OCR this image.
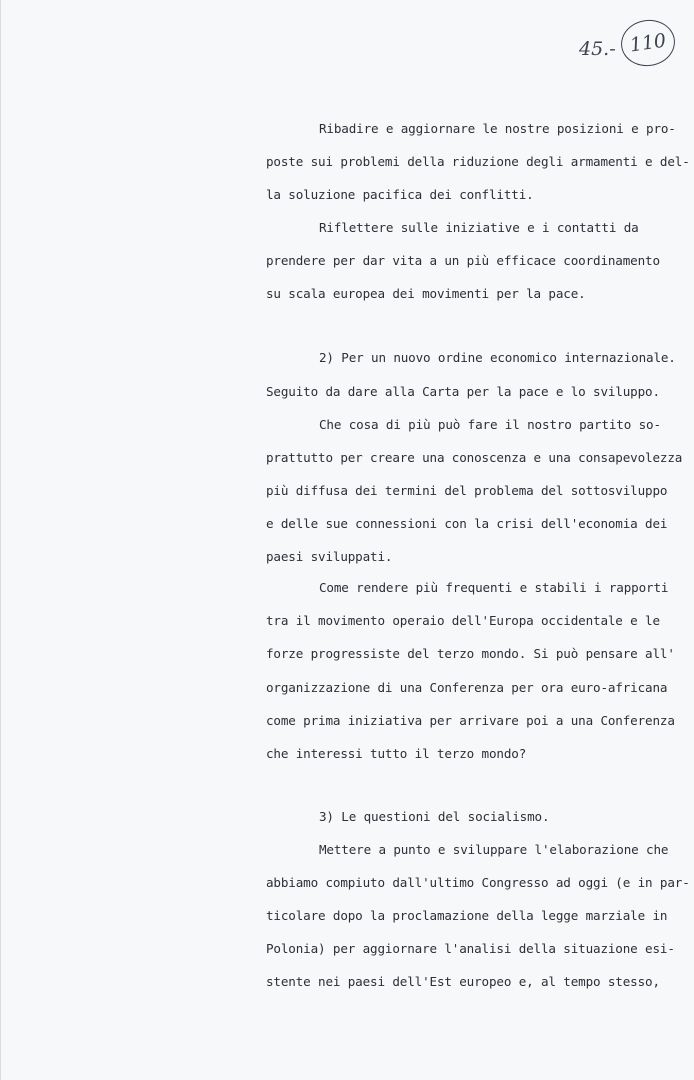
45.- 110
Ribadire e aggiornare le nostre posizioni e pro-
poste sui problemi della riduzione degli armamenti e del-
la soluzione pacifica dei conflitti.
Riflettere sulle iniziative e i contatti da
prendere per dar vita a un più efficace coordinamento
su scala europea dei movimenti per la pace.
2) Per un nuovo ordine economico internazionale.
Seguito da dare alla Carta per la pace e lo sviluppo.
Che cosa di più può fare il nostro partito so-
prattutto per creare una conoscenza e una consapevolezza
più diffusa dei termini del problema del sottosviluppo
e delle sue connessioni con la crisi dell'economia dei
paesi sviluppati.
Come rendere più frequenti e stabili i rapporti
tra il movimento operaio dell'Europa occidentale e le
forze progressiste del terzo mondo. Si può pensare all'
organizzazione di una Conferenza per ora euro-africana
come prima iniziativa per arrivare poi a una Conferenza
che interessi tutto il terzo mondo?
3) Le questioni del socialismo.
Mettere a punto e sviluppare l'elaborazione che
abbiamo compiuto dall'ultimo Congresso ad oggi (e in par-
ticolare dopo la proclamazione della legge marziale in
Polonia) per aggiornare l'analisi della situazione esi-
stente nei paesi dell'Est europeo e, al tempo stesso,
